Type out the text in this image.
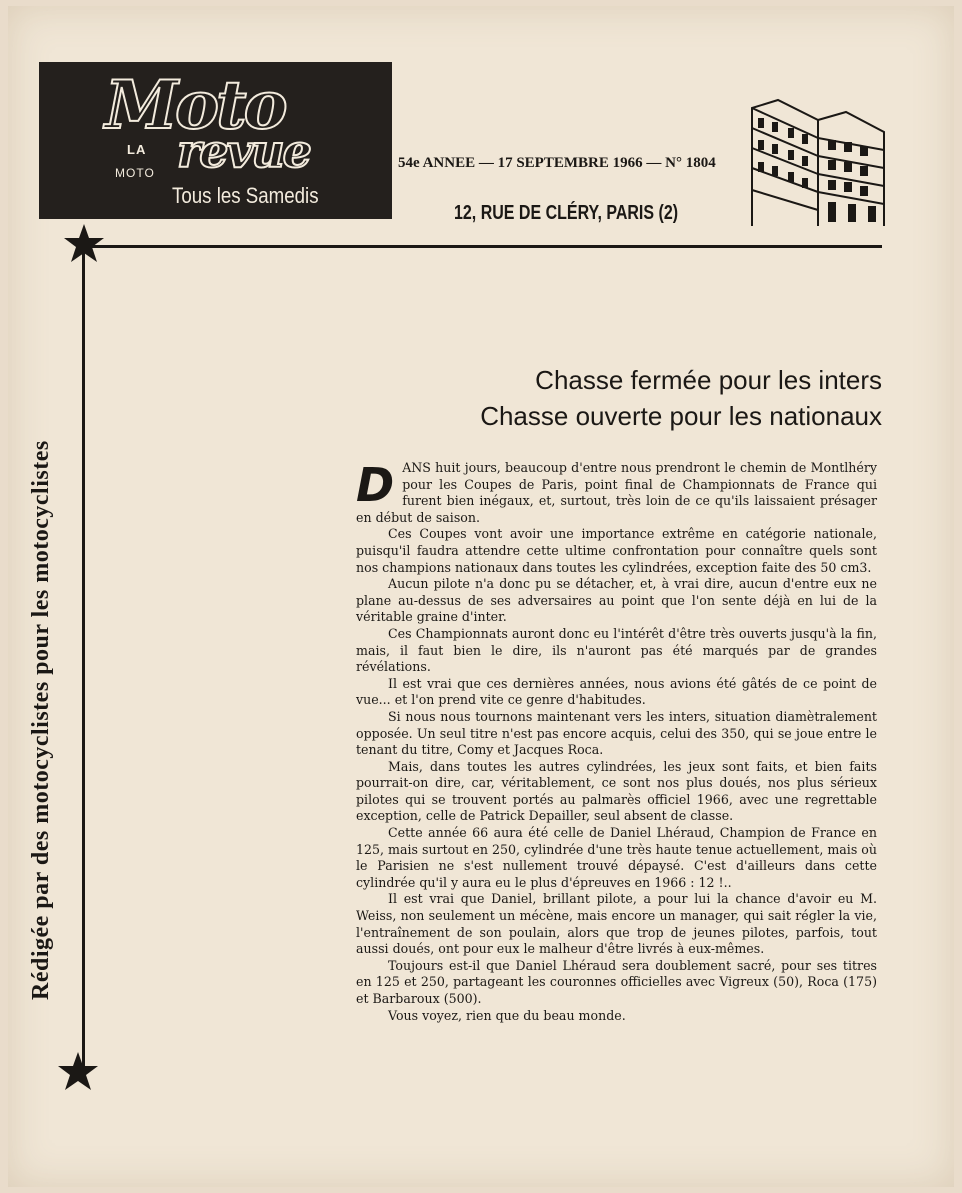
Moto
LA
MOTO revue
Tous les Samedis
54e ANNEE — 17 SEPTEMBRE 1966 — N° 1804
12, RUE DE CLÉRY, PARIS (2)
Rédigée par des motocyclistes pour les motocyclistes
Chasse fermée pour les inters
Chasse ouverte pour les nationaux

DANS huit jours, beaucoup d'entre nous prendront le chemin de Montlhéry pour les Coupes de Paris, point final de Championnats de France qui furent bien inégaux, et, surtout, très loin de ce qu'ils laissaient présager en début de saison.

Ces Coupes vont avoir une importance extrême en catégorie nationale, puisqu'il faudra attendre cette ultime confrontation pour connaître quels sont nos champions nationaux dans toutes les cylindrées, exception faite des 50 cm3.

Aucun pilote n'a donc pu se détacher, et, à vrai dire, aucun d'entre eux ne plane au-dessus de ses adversaires au point que l'on sente déjà en lui de la véritable graine d'inter.

Ces Championnats auront donc eu l'intérêt d'être très ouverts jusqu'à la fin, mais, il faut bien le dire, ils n'auront pas été marqués par de grandes révélations.

Il est vrai que ces dernières années, nous avions été gâtés de ce point de vue... et l'on prend vite ce genre d'habitudes.

Si nous nous tournons maintenant vers les inters, situation diamètralement opposée. Un seul titre n'est pas encore acquis, celui des 350, qui se joue entre le tenant du titre, Comy et Jacques Roca.

Mais, dans toutes les autres cylindrées, les jeux sont faits, et bien faits pourrait-on dire, car, véritablement, ce sont nos plus doués, nos plus sérieux pilotes qui se trouvent portés au palmarès officiel 1966, avec une regrettable exception, celle de Patrick Depailler, seul absent de classe.

Cette année 66 aura été celle de Daniel Lhéraud, Champion de France en 125, mais surtout en 250, cylindrée d'une très haute tenue actuellement, mais où le Parisien ne s'est nullement trouvé dépaysé. C'est d'ailleurs dans cette cylindrée qu'il y aura eu le plus d'épreuves en 1966 : 12 !..

Il est vrai que Daniel, brillant pilote, a pour lui la chance d'avoir eu M. Weiss, non seulement un mécène, mais encore un manager, qui sait régler la vie, l'entraînement de son poulain, alors que trop de jeunes pilotes, parfois, tout aussi doués, ont pour eux le malheur d'être livrés à eux-mêmes.

Toujours est-il que Daniel Lhéraud sera doublement sacré, pour ses titres en 125 et 250, partageant les couronnes officielles avec Vigreux (50), Roca (175) et Barbaroux (500).

Vous voyez, rien que du beau monde.
